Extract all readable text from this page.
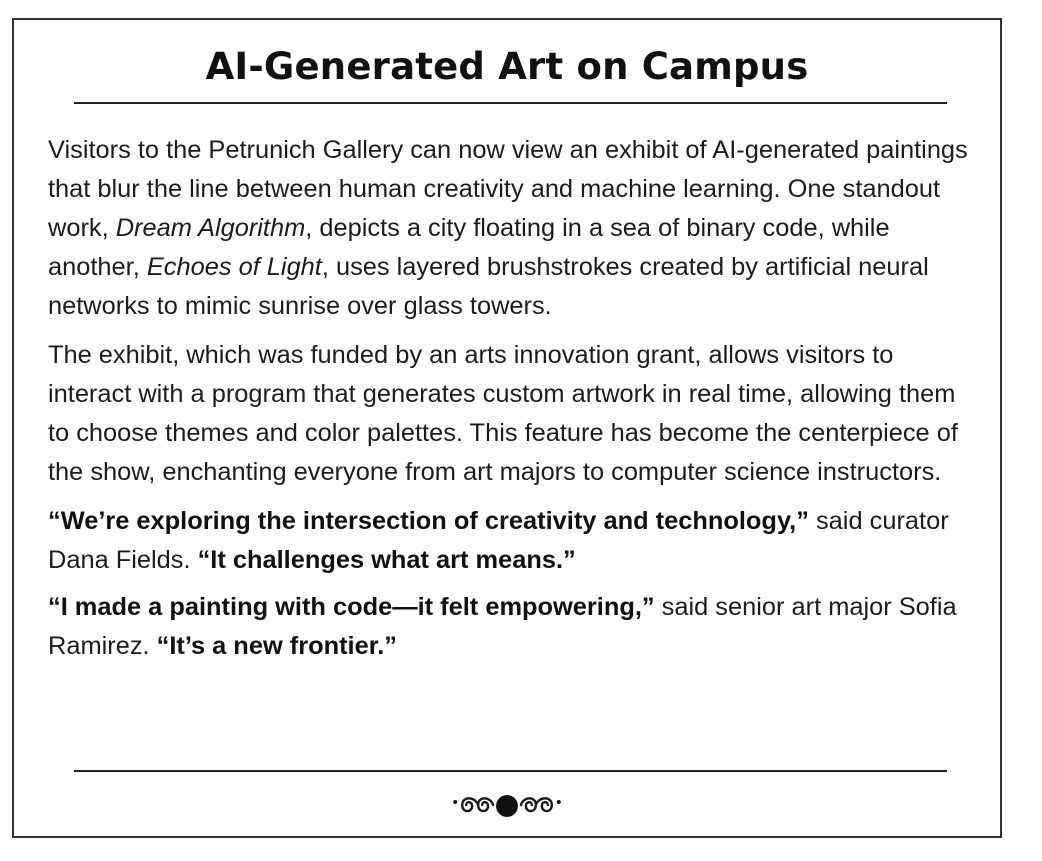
AI-Generated Art on Campus

Visitors to the Petrunich Gallery can now view an exhibit of AI-generated paintings that blur the line between human creativity and machine learning. One standout work, Dream Algorithm, depicts a city floating in a sea of binary code, while another, Echoes of Light, uses layered brushstrokes created by artificial neural networks to mimic sunrise over glass towers.

The exhibit, which was funded by an arts innovation grant, allows visitors to interact with a program that generates custom artwork in real time, allowing them to choose themes and color palettes. This feature has become the centerpiece of the show, enchanting everyone from art majors to computer science instructors.

“We’re exploring the intersection of creativity and technology,” said curator Dana Fields. “It challenges what art means.”

“I made a painting with code—it felt empowering,” said senior art major Sofia Ramirez. “It’s a new frontier.”
